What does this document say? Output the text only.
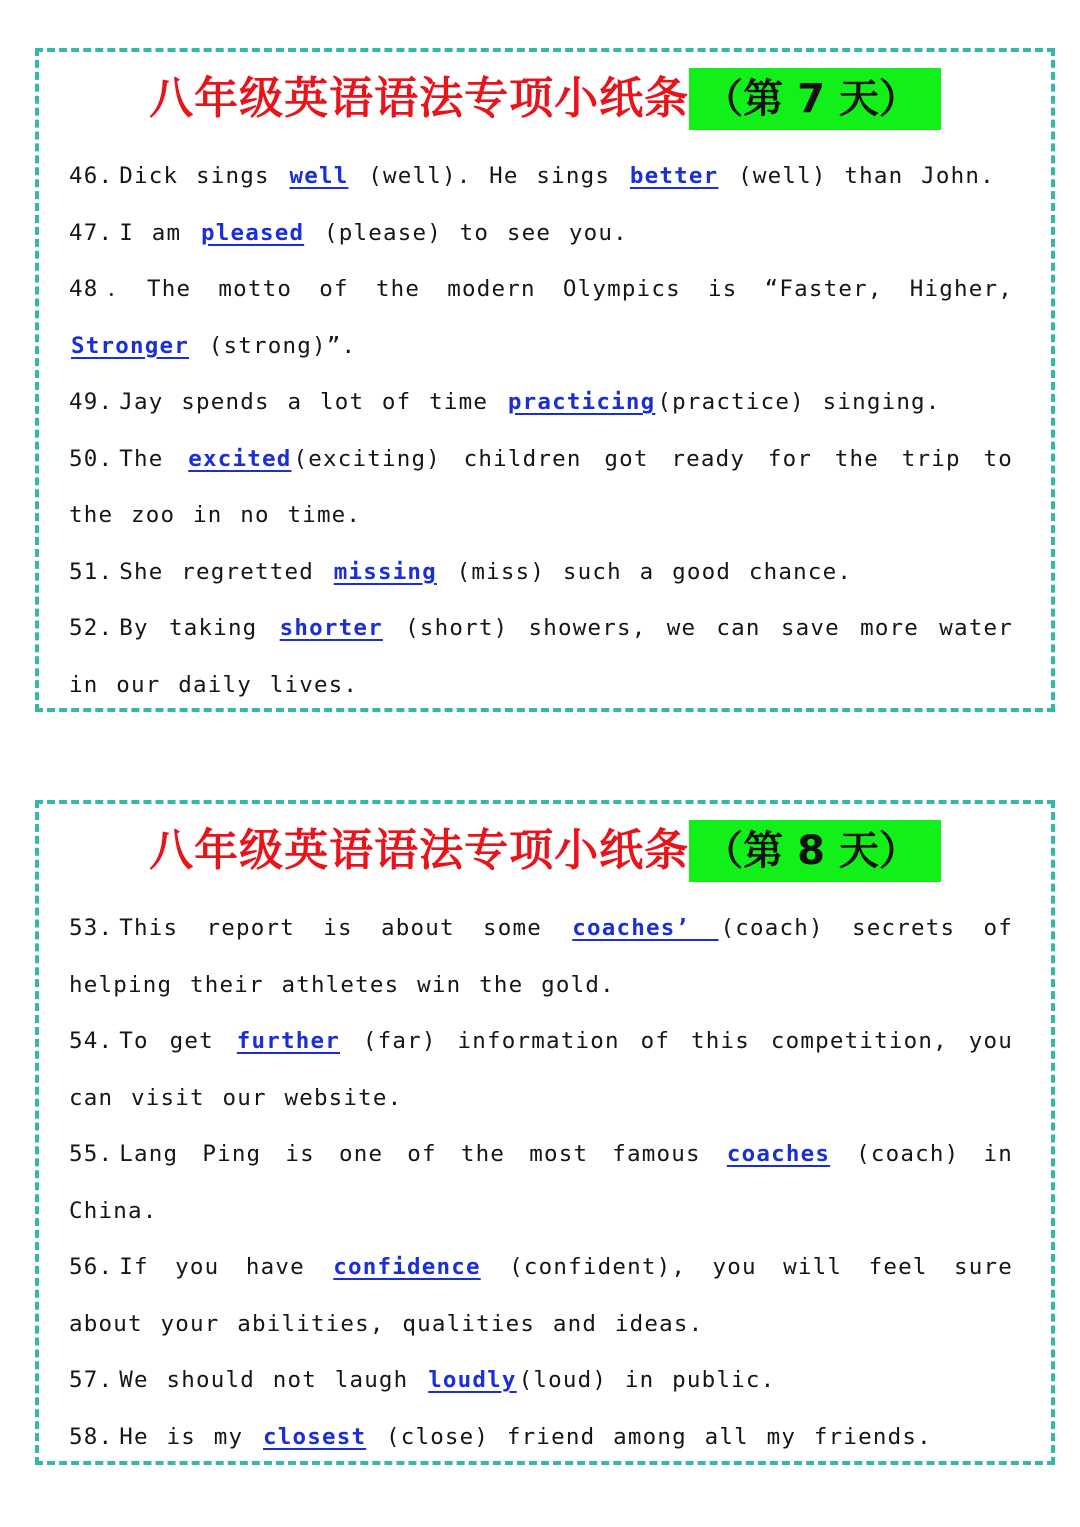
八年级英语语法专项小纸条 （第 7 天）
46. Dick sings well (well). He sings better (well) than John.
47. I am pleased (please) to see you.
48． The motto of the modern Olympics is “Faster, Higher, Stronger (strong)”.
49. Jay spends a lot of time practicing(practice) singing.
50. The excited(exciting) children got ready for the trip to the zoo in no time.
51. She regretted missing (miss) such a good chance.
52. By taking shorter (short) showers, we can save more water in our daily lives.
八年级英语语法专项小纸条 （第 8 天）
53. This report is about some coaches’ (coach) secrets of helping their athletes win the gold.
54. To get further (far) information of this competition, you can visit our website.
55. Lang Ping is one of the most famous coaches (coach) in China.
56. If you have confidence (confident), you will feel sure about your abilities, qualities and ideas.
57. We should not laugh loudly(loud) in public.
58. He is my closest (close) friend among all my friends.
